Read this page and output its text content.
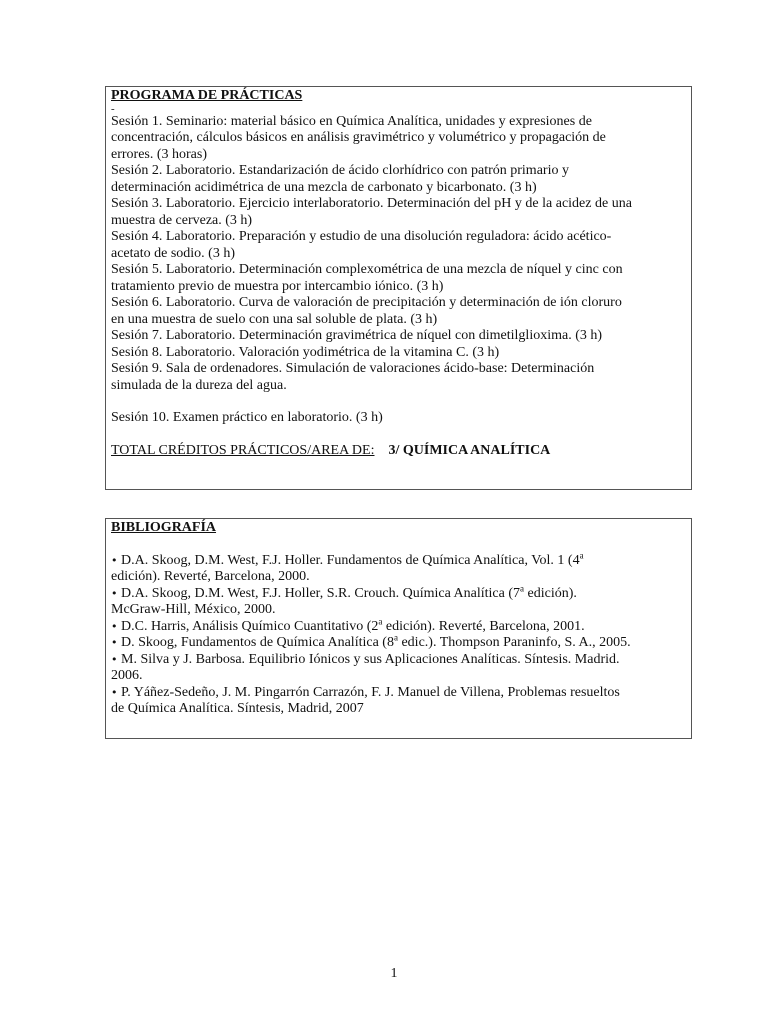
PROGRAMA DE PRÁCTICAS
-
Sesión 1. Seminario: material básico en Química Analítica, unidades y expresiones de
concentración, cálculos básicos en análisis gravimétrico y volumétrico y propagación de
errores. (3 horas)
Sesión 2. Laboratorio. Estandarización de ácido clorhídrico con patrón primario y
determinación acidimétrica de una mezcla de carbonato y bicarbonato. (3 h)
Sesión 3. Laboratorio. Ejercicio interlaboratorio. Determinación del pH y de la acidez de una
muestra de cerveza. (3 h)
Sesión 4. Laboratorio. Preparación y estudio de una disolución reguladora: ácido acético-
acetato de sodio. (3 h)
Sesión 5. Laboratorio. Determinación complexométrica de una mezcla de níquel y cinc con
tratamiento previo de muestra por intercambio iónico. (3 h)
Sesión 6. Laboratorio. Curva de valoración de precipitación y determinación de ión cloruro
en una muestra de suelo con una sal soluble de plata. (3 h)
Sesión 7. Laboratorio. Determinación gravimétrica de níquel con dimetilglioxima. (3 h)
Sesión 8. Laboratorio. Valoración yodimétrica de la vitamina C. (3 h)
Sesión 9. Sala de ordenadores. Simulación de valoraciones ácido-base: Determinación
simulada de la dureza del agua.
Sesión 10. Examen práctico en laboratorio. (3 h)
TOTAL CRÉDITOS PRÁCTICOS/AREA DE: 3/ QUÍMICA ANALÍTICA
BIBLIOGRAFÍA
• D.A. Skoog, D.M. West, F.J. Holler. Fundamentos de Química Analítica, Vol. 1 (4$^a$
edición). Reverté, Barcelona, 2000.
• D.A. Skoog, D.M. West, F.J. Holler, S.R. Crouch. Química Analítica (7$^a$ edición).
McGraw-Hill, México, 2000.
• D.C. Harris, Análisis Químico Cuantitativo (2$^a$ edición). Reverté, Barcelona, 2001.
• D. Skoog, Fundamentos de Química Analítica (8$^a$ edic.). Thompson Paraninfo, S. A., 2005.
• M. Silva y J. Barbosa. Equilibrio Iónicos y sus Aplicaciones Analíticas. Síntesis. Madrid.
2006.
• P. Yáñez-Sedeño, J. M. Pingarrón Carrazón, F. J. Manuel de Villena, Problemas resueltos
de Química Analítica. Síntesis, Madrid, 2007
1
